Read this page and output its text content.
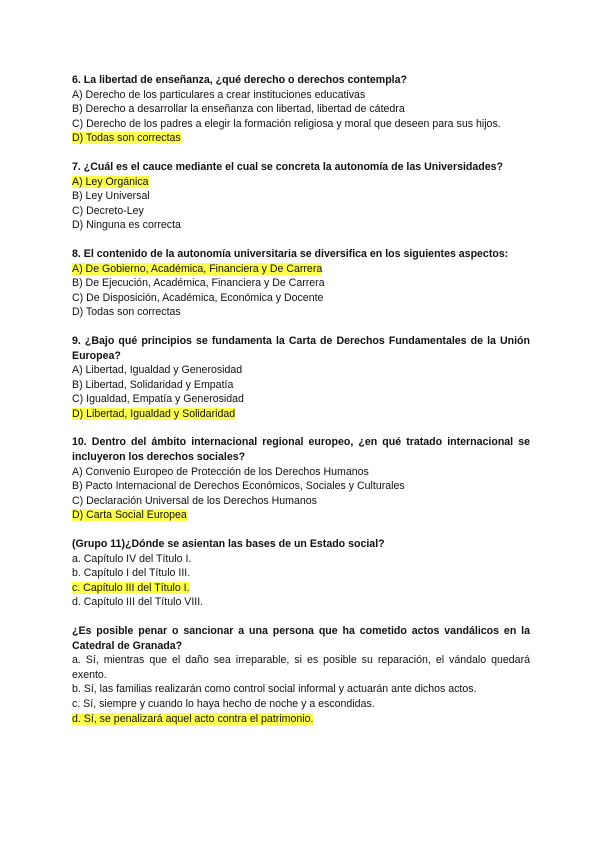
6. La libertad de enseñanza, ¿qué derecho o derechos contempla?

A) Derecho de los particulares a crear instituciones educativas

B) Derecho a desarrollar la enseñanza con libertad, libertad de cátedra

C) Derecho de los padres a elegir la formación religiosa y moral que deseen para sus hijos.

D) Todas son correctas

7. ¿Cuál es el cauce mediante el cual se concreta la autonomía de las Universidades?

A) Ley Orgánica

B) Ley Universal

C) Decreto-Ley

D) Ninguna es correcta

8. El contenido de la autonomía universitaria se diversifica en los siguientes aspectos:

A) De Gobierno, Académica, Financiera y De Carrera

B) De Ejecución, Académica, Financiera y De Carrera

C) De Disposición, Académica, Económica y Docente

D) Todas son correctas

9. ¿Bajo qué principios se fundamenta la Carta de Derechos Fundamentales de la Unión Europea?

A) Libertad, Igualdad y Generosidad

B) Libertad, Solidaridad y Empatía

C) Igualdad, Empatía y Generosidad

D) Libertad, Igualdad y Solidaridad

10. Dentro del ámbito internacional regional europeo, ¿en qué tratado internacional se incluyeron los derechos sociales?

A) Convenio Europeo de Protección de los Derechos Humanos

B) Pacto Internacional de Derechos Económicos, Sociales y Culturales

C) Declaración Universal de los Derechos Humanos

D) Carta Social Europea

(Grupo 11)¿Dónde se asientan las bases de un Estado social?

a. Capítulo IV del Título I.

b. Capítulo I del Título III.

c. Capítulo III del Título I.

d. Capítulo III del Título VIII.

¿Es posible penar o sancionar a una persona que ha cometido actos vandálicos en la Catedral de Granada?

a. Sí, mientras que el daño sea irreparable, si es posible su reparación, el vándalo quedará exento.

b. Sí, las familias realizarán como control social informal y actuarán ante dichos actos.

c. Sí, siempre y cuando lo haya hecho de noche y a escondidas.

d. Sí, se penalizará aquel acto contra el patrimonio.
